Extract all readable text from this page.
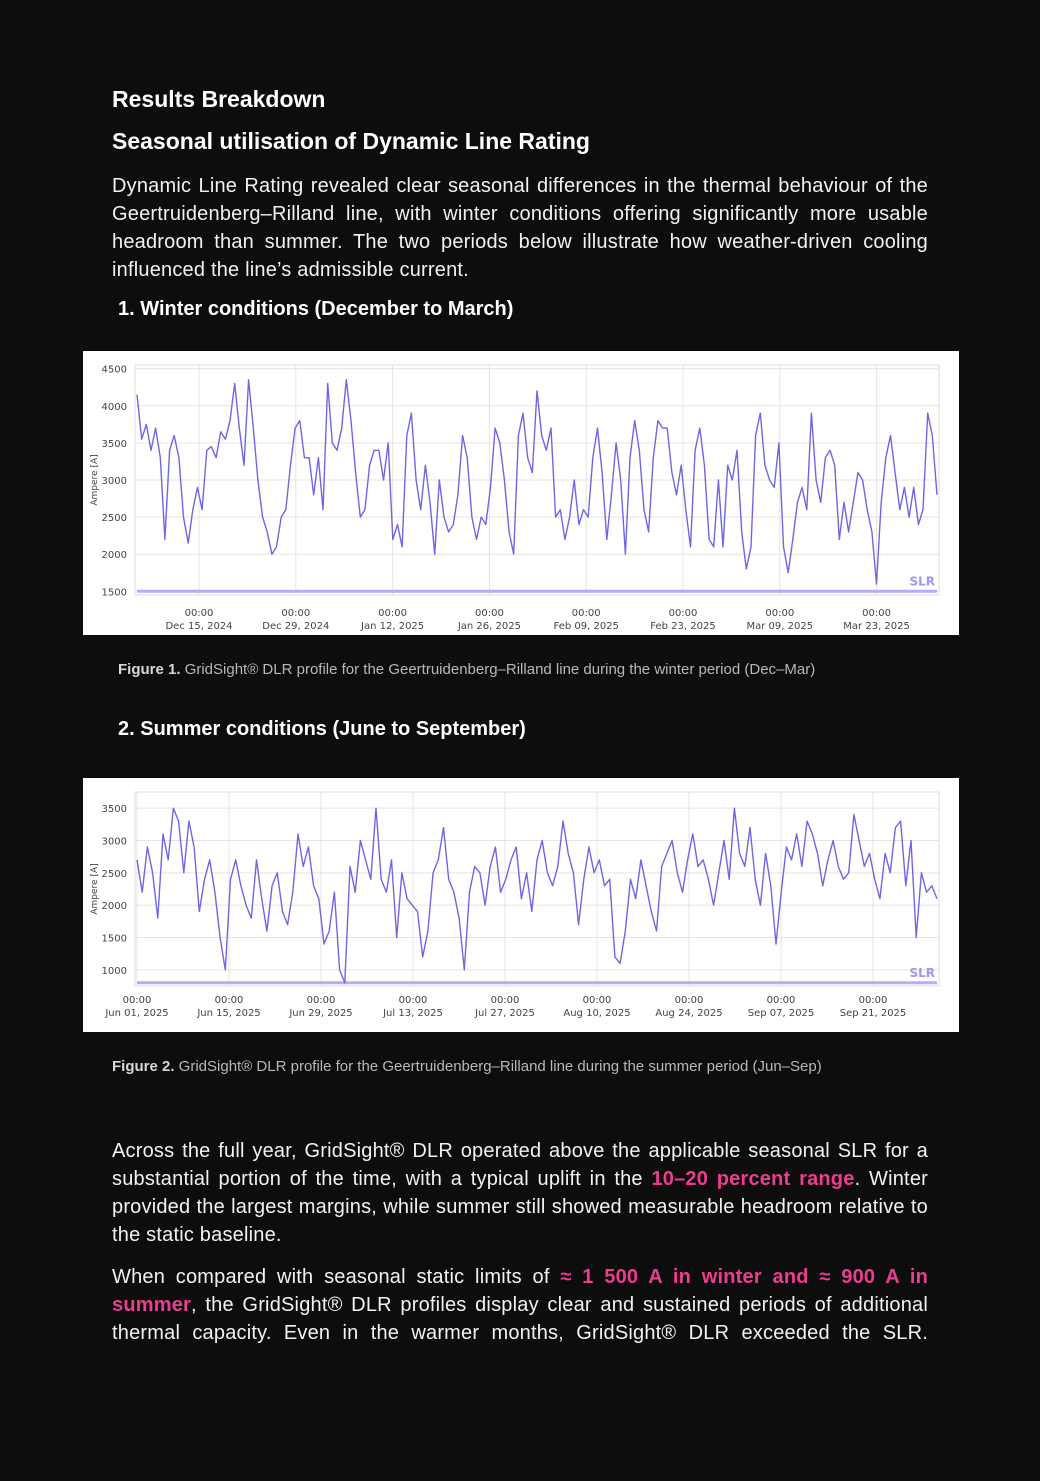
Results Breakdown
Seasonal utilisation of Dynamic Line Rating

Dynamic Line Rating revealed clear seasonal differences in the thermal behaviour of the Geertruidenberg–Rilland line, with winter conditions offering significantly more usable headroom than summer. The two periods below illustrate how weather-driven cooling influenced the line’s admissible current.

1. Winter conditions (December to March)
1500
2000
2500
3000
3500
4000
4500
00:00
Dec 15, 2024
00:00
Dec 29, 2024
00:00
Jan 12, 2025
00:00
Jan 26, 2025
00:00
Feb 09, 2025
00:00
Feb 23, 2025
00:00
Mar 09, 2025
00:00
Mar 23, 2025
Ampere [A]
SLR

Figure 1. GridSight® DLR profile for the Geertruidenberg–Rilland line during the winter period (Dec–Mar)

2. Summer conditions (June to September)
1000
1500
2000
2500
3000
3500
00:00
Jun 01, 2025
00:00
Jun 15, 2025
00:00
Jun 29, 2025
00:00
Jul 13, 2025
00:00
Jul 27, 2025
00:00
Aug 10, 2025
00:00
Aug 24, 2025
00:00
Sep 07, 2025
00:00
Sep 21, 2025
Ampere [A]
SLR

Figure 2. GridSight® DLR profile for the Geertruidenberg–Rilland line during the summer period (Jun–Sep)

Across the full year, GridSight® DLR operated above the applicable seasonal SLR for a substantial portion of the time, with a typical uplift in the 10–20 percent range. Winter provided the largest margins, while summer still showed measurable headroom relative to the static baseline.

When compared with seasonal static limits of ≈ 1 500 A in winter and ≈ 900 A in summer, the GridSight® DLR profiles display clear and sustained periods of additional thermal capacity. Even in the warmer months, GridSight® DLR exceeded the SLR.
